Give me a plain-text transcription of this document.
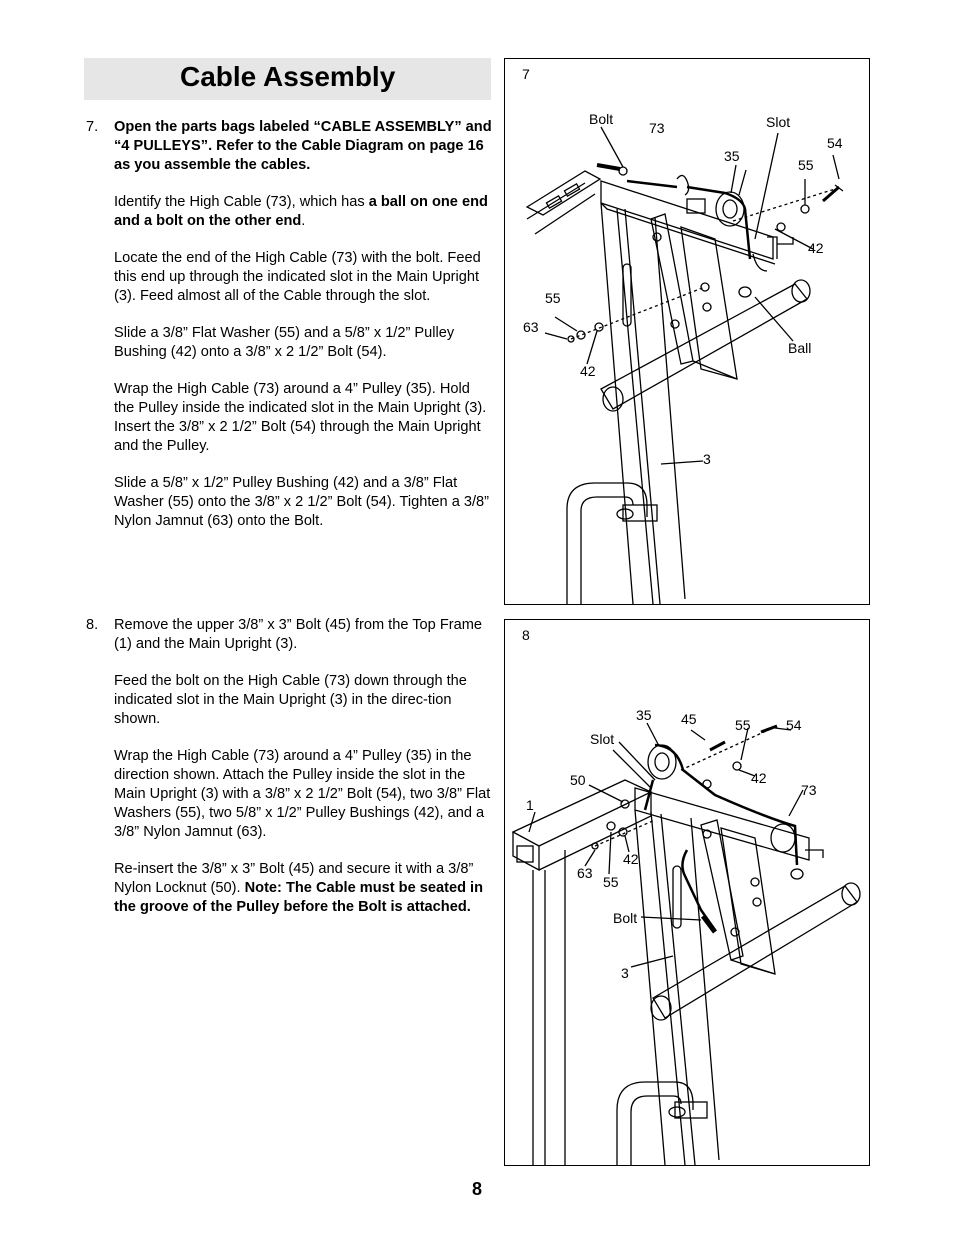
Cable Assembly
7. Open the parts bags labeled “CABLE ASSEMBLY” and “4 PULLEYS”. Refer to the Cable Diagram on page 16 as you assemble the cables.

Identify the High Cable (73), which has a ball on one end and a bolt on the other end.

Locate the end of the High Cable (73) with the bolt. Feed this end up through the indicated slot in the Main Upright (3). Feed almost all of the Cable through the slot.

Slide a 3/8” Flat Washer (55) and a 5/8” x 1/2” Pulley Bushing (42) onto a 3/8” x 2 1/2” Bolt (54).

Wrap the High Cable (73) around a 4” Pulley (35). Hold the Pulley inside the indicated slot in the Main Upright (3). Insert the 3/8” x 2 1/2” Bolt (54) through the Main Upright and the Pulley.

Slide a 5/8” x 1/2” Pulley Bushing (42) and a 3/8” Flat Washer (55) onto the 3/8” x 2 1/2” Bolt (54). Tighten a 3/8” Nylon Jamnut (63) onto the Bolt.

8. Remove the upper 3/8” x 3” Bolt (45) from the Top Frame (1) and the Main Upright (3).

Feed the bolt on the High Cable (73) down through the indicated slot in the Main Upright (3) in the direc-tion shown.

Wrap the High Cable (73) around a 4” Pulley (35) in the direction shown. Attach the Pulley inside the slot in the Main Upright (3) with a 3/8” x 2 1/2” Bolt (54), two 3/8” Flat Washers (55), two 5/8” x 1/2” Pulley Bushings (42), and a 3/8” Nylon Jamnut (63).

Re-insert the 3/8” x 3” Bolt (45) and secure it with a 3/8” Nylon Locknut (50). Note: The Cable must be seated in the groove of the Pulley before the Bolt is attached.

7
Bolt
73	Slot
35
54
55
42
55
63
42
Ball
3
8
35 45	55	54
Slot
42
50
73
1
42
63
55
Bolt
3
8
